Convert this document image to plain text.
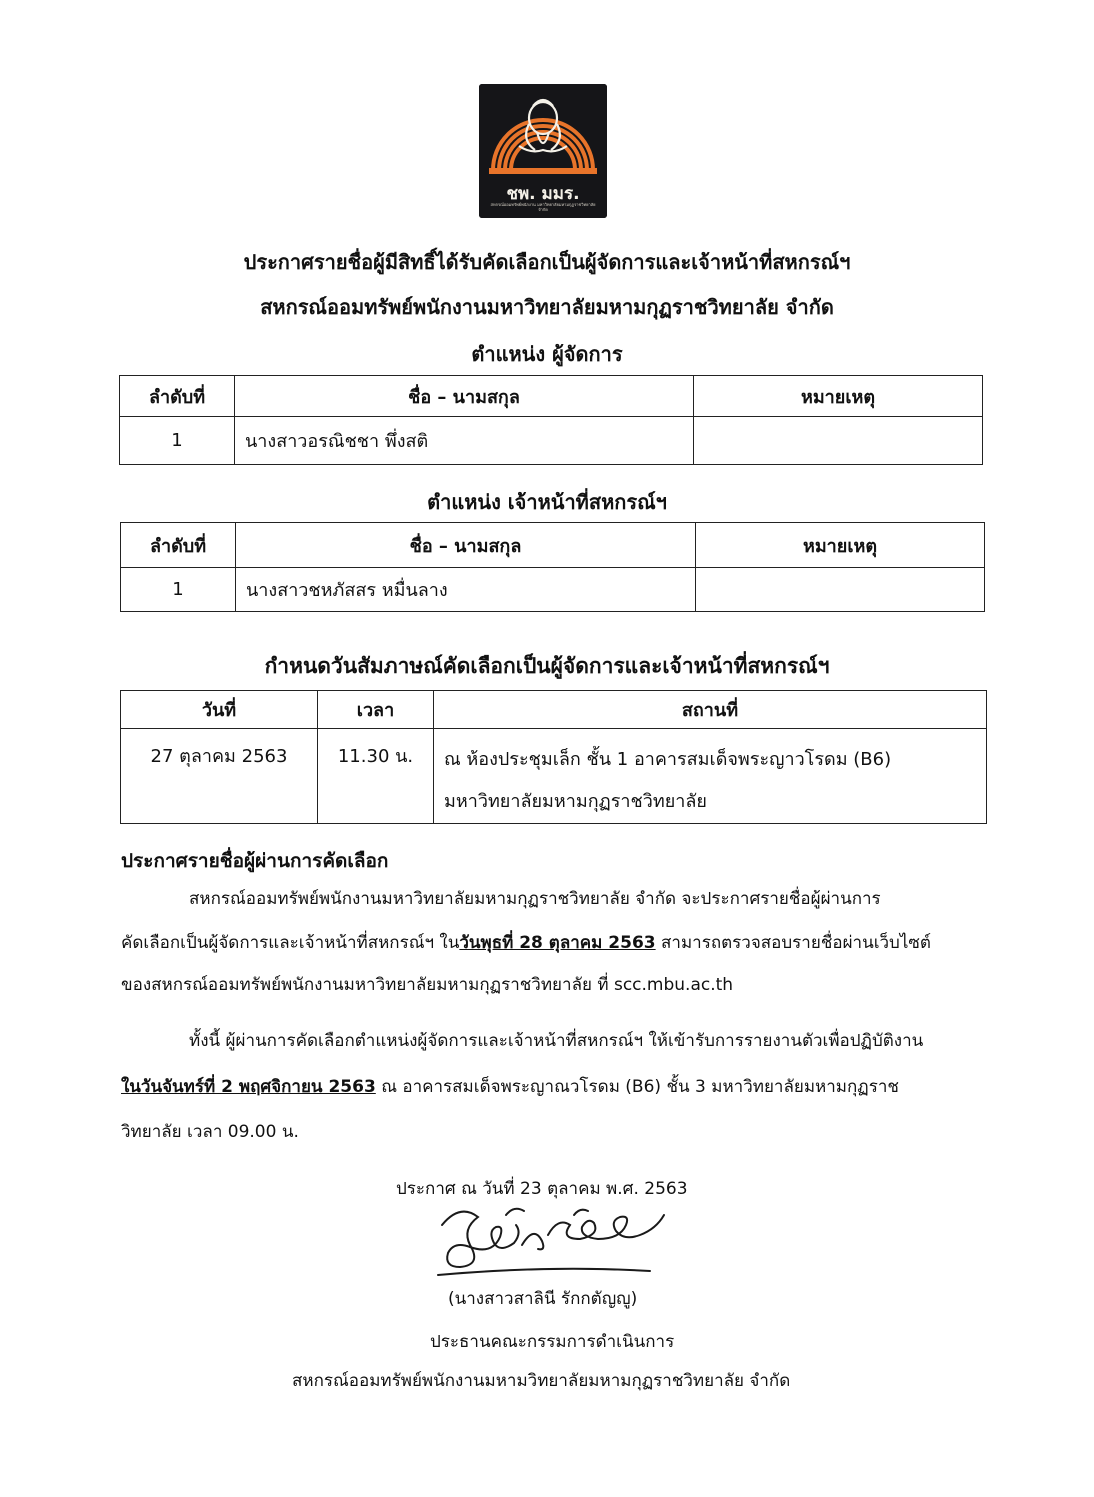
ชพ. มมร.
สหกรณ์ออมทรัพย์พนักงาน มหาวิทยาลัยมหามกุฏราชวิทยาลัย จำกัด
ประกาศรายชื่อผู้มีสิทธิ์ได้รับคัดเลือกเป็นผู้จัดการและเจ้าหน้าที่สหกรณ์ฯ
สหกรณ์ออมทรัพย์พนักงานมหาวิทยาลัยมหามกุฏราชวิทยาลัย จำกัด
ตำแหน่ง ผู้จัดการ
ลำดับที่	ชื่อ – นามสกุล	หมายเหตุ
1	นางสาวอรณิชชา พึ่งสติ	
ตำแหน่ง เจ้าหน้าที่สหกรณ์ฯ
ลำดับที่	ชื่อ – นามสกุล	หมายเหตุ
1	นางสาวชหภัสสร หมื่นลาง	
กำหนดวันสัมภาษณ์คัดเลือกเป็นผู้จัดการและเจ้าหน้าที่สหกรณ์ฯ
วันที่	เวลา	สถานที่
27 ตุลาคม 2563	11.30 น.	ณ ห้องประชุมเล็ก ชั้น 1 อาคารสมเด็จพระญาวโรดม (B6)
มหาวิทยาลัยมหามกุฏราชวิทยาลัย
ประกาศรายชื่อผู้ผ่านการคัดเลือก
สหกรณ์ออมทรัพย์พนักงานมหาวิทยาลัยมหามกุฏราชวิทยาลัย จำกัด จะประกาศรายชื่อผู้ผ่านการ
คัดเลือกเป็นผู้จัดการและเจ้าหน้าที่สหกรณ์ฯ ในวันพุธที่ 28 ตุลาคม 2563 สามารถตรวจสอบรายชื่อผ่านเว็บไซต์
ของสหกรณ์ออมทรัพย์พนักงานมหาวิทยาลัยมหามกุฏราชวิทยาลัย ที่ scc.mbu.ac.th
ทั้งนี้ ผู้ผ่านการคัดเลือกตำแหน่งผู้จัดการและเจ้าหน้าที่สหกรณ์ฯ ให้เข้ารับการรายงานตัวเพื่อปฏิบัติงาน
ในวันจันทร์ที่ 2 พฤศจิกายน 2563 ณ อาคารสมเด็จพระญาณวโรดม (B6) ชั้น 3 มหาวิทยาลัยมหามกุฏราช
วิทยาลัย เวลา 09.00 น.
ประกาศ ณ วันที่ 23 ตุลาคม พ.ศ. 2563
(นางสาวสาลินี รักกตัญญู)
ประธานคณะกรรมการดำเนินการ
สหกรณ์ออมทรัพย์พนักงานมหามวิทยาลัยมหามกุฏราชวิทยาลัย จำกัด
